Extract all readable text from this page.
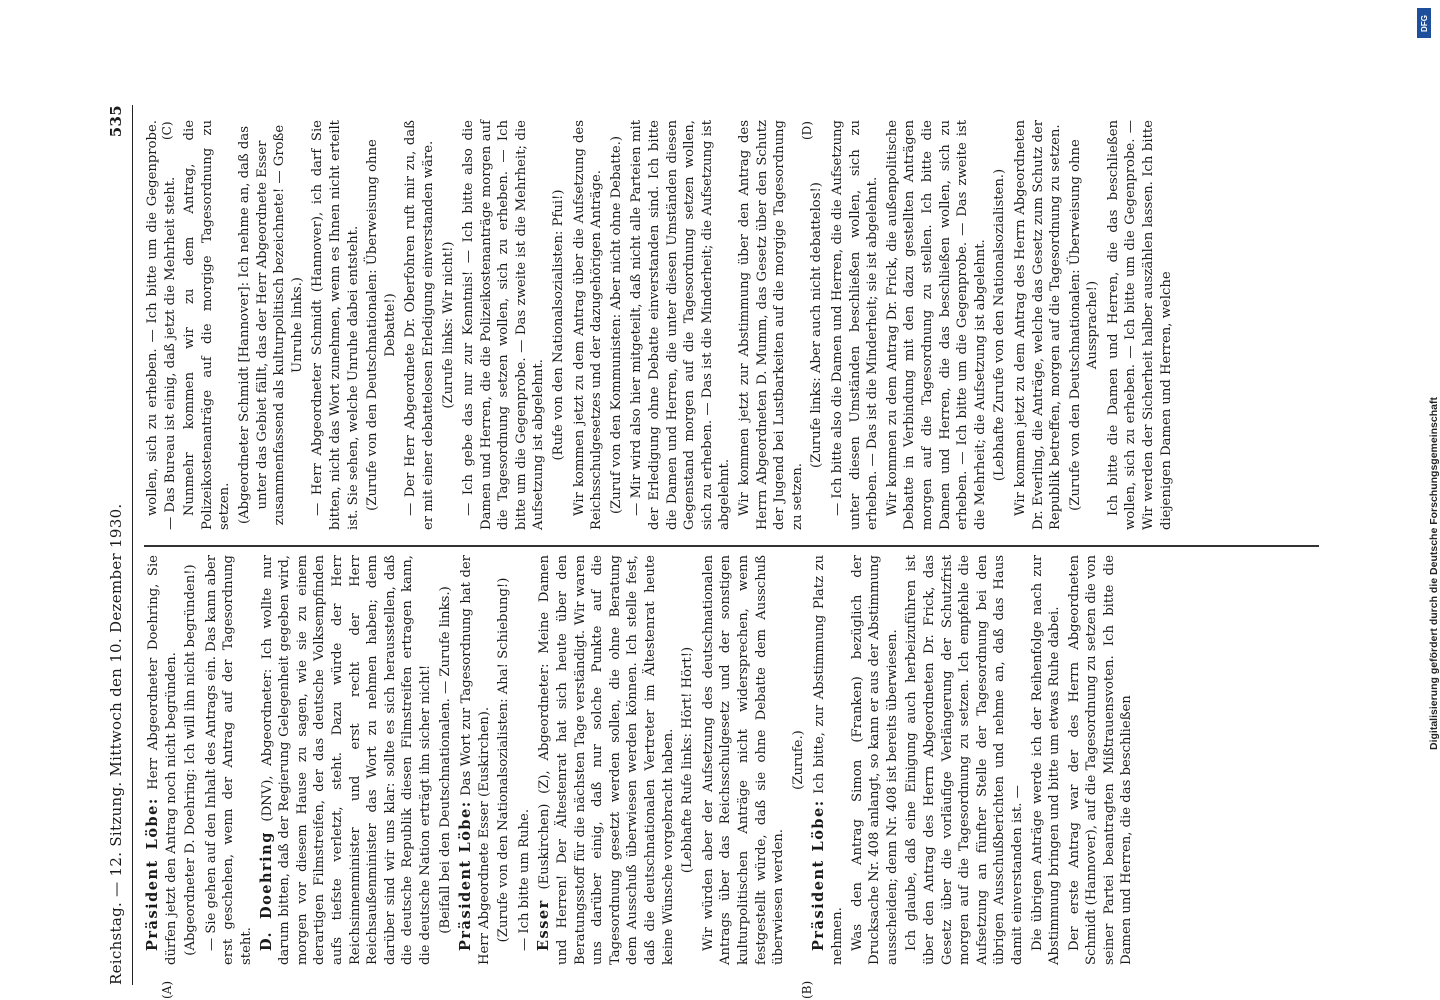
Reichstag. — 12. Sitzung. Mittwoch den 10. Dezember 1930.
535

Präsident Löbe: Herr Abgeordneter Doehring, Sie dürfen jetzt den Antrag noch nicht begründen. (Abgeordneter D. Doehring: Ich will ihn nicht begründen!) — Sie gehen auf den Inhalt des Antrags ein. Das kann aber erst geschehen, wenn der Antrag auf der Tagesordnung steht. D. Doehring (DNV), Abgeordneter: Ich wollte nur darum bitten, daß der Regierung Gelegenheit gegeben wird, morgen vor diesem Hause zu sagen, wie sie zu einem derartigen Filmstreifen, der das deutsche Volksempfinden aufs tiefste verletzt, steht. Dazu würde der Herr Reichsinnenminister und erst recht der Herr Reichsaußenminister das Wort zu nehmen haben; denn darüber sind wir uns klar: sollte es sich herausstellen, daß die deutsche Republik diesen Filmstreifen ertragen kann, die deutsche Nation erträgt ihn sicher nicht! (Beifall bei den Deutschnationalen. — Zurufe links.) Präsident Löbe: Das Wort zur Tagesordnung hat der Herr Abgeordnete Esser (Euskirchen). (Zurufe von den Nationalsozialisten: Aha! Schiebung!) — Ich bitte um Ruhe. Esser (Euskirchen) (Z), Abgeordneter: Meine Damen und Herren! Der Ältestenrat hat sich heute über den Beratungsstoff für die nächsten Tage verständigt. Wir waren uns darüber einig, daß nur solche Punkte auf die Tagesordnung gesetzt werden sollen, die ohne Beratung dem Ausschuß überwiesen werden können. Ich stelle fest, daß die deutschnationalen Vertreter im Ältestenrat heute keine Wünsche vorgebracht haben. (Lebhafte Rufe links: Hört! Hört!) Wir würden aber der Aufsetzung des deutschnationalen Antrags über das Reichsschulgesetz und der sonstigen kulturpolitischen Anträge nicht widersprechen, wenn festgestellt würde, daß sie ohne Debatte dem Ausschuß überwiesen werden.

(Zurufe.)

Präsident Löbe: Ich bitte, zur Abstimmung Platz zu nehmen. Was den Antrag Simon (Franken) bezüglich der Drucksache Nr. 408 anlangt, so kann er aus der Abstimmung ausscheiden; denn Nr. 408 ist bereits überwiesen. Ich glaube, daß eine Einigung auch herbeizuführen ist über den Antrag des Herrn Abgeordneten Dr. Frick, das Gesetz über die vorläufige Verlängerung der Schutzfrist morgen auf die Tagesordnung zu setzen. Ich empfehle die Aufsetzung an fünfter Stelle der Tagesordnung bei den übrigen Ausschußberichten und nehme an, daß das Haus damit einverstanden ist. — Die übrigen Anträge werde ich der Reihenfolge nach zur Abstimmung bringen und bitte um etwas Ruhe dabei. Der erste Antrag war der des Herrn Abgeordneten Schmidt (Hannover), auf die Tagesordnung zu setzen die von seiner Partei beantragten Mißtrauensvoten. Ich bitte die Damen und Herren, die das beschließen

wollen, sich zu erheben. — Ich bitte um die Gegenprobe. — Das Bureau ist einig, daß jetzt die Mehrheit steht. Nunmehr kommen wir zu dem Antrag, die Polizeikostenanträge auf die morgige Tagesordnung zu setzen. (Abgeordneter Schmidt [Hannover]: Ich nehme an, daß das unter das Gebiet fällt, das der Herr Abgeordnete Esser zusammenfassend als kulturpolitisch bezeichnete! — Große Unruhe links.) — Herr Abgeordneter Schmidt (Hannover), ich darf Sie bitten, nicht das Wort zunehmen, wenn es Ihnen nicht erteilt ist. Sie sehen, welche Unruhe dabei entsteht. (Zurufe von den Deutschnationalen: Überweisung ohne Debatte!) — Der Herr Abgeordnete Dr. Oberfohren ruft mir zu, daß er mit einer debattelosen Erledigung einverstanden wäre. (Zurufe links: Wir nicht!) — Ich gebe das nur zur Kenntnis! — Ich bitte also die Damen und Herren, die die Polizeikostenanträge morgen auf die Tagesordnung setzen wollen, sich zu erheben. — Ich bitte um die Gegenprobe. — Das zweite ist die Mehrheit; die Aufsetzung ist abgelehnt. (Rufe von den Nationalsozialisten: Pfui!) Wir kommen jetzt zu dem Antrag über die Aufsetzung des Reichsschulgesetzes und der dazugehörigen Anträge. (Zuruf von den Kommunisten: Aber nicht ohne Debatte.) — Mir wird also hier mitgeteilt, daß nicht alle Parteien mit der Erledigung ohne Debatte einverstanden sind. Ich bitte die Damen und Herren, die unter diesen Umständen diesen Gegenstand morgen auf die Tagesordnung setzen wollen, sich zu erheben. — Das ist die Minderheit; die Aufsetzung ist abgelehnt. Wir kommen jetzt zur Abstimmung über den Antrag des Herrn Abgeordneten D. Mumm, das Gesetz über den Schutz der Jugend bei Lustbarkeiten auf die morgige Tagesordnung zu setzen.

(Zurufe links: Aber auch nicht debattelos!) — Ich bitte also die Damen und Herren, die die Aufsetzung unter diesen Umständen beschließen wollen, sich zu erheben. — Das ist die Minderheit; sie ist abgelehnt. Wir kommen zu dem Antrag Dr. Frick, die außenpolitische Debatte in Verbindung mit den dazu gestellten Anträgen morgen auf die Tagesordnung zu stellen. Ich bitte die Damen und Herren, die das beschließen wollen, sich zu erheben. — Ich bitte um die Gegenprobe. — Das zweite ist die Mehrheit; die Aufsetzung ist abgelehnt. (Lebhafte Zurufe von den Nationalsozialisten.) Wir kommen jetzt zu dem Antrag des Herrn Abgeordneten Dr. Everling, die Anträge, welche das Gesetz zum Schutz der Republik betreffen, morgen auf die Tagesordnung zu setzen. (Zurufe von den Deutschnationalen: Überweisung ohne Aussprache!) Ich bitte die Damen und Herren, die das beschließen wollen, sich zu erheben. — Ich bitte um die Gegenprobe. — Wir werden der Sicherheit halber auszählen lassen. Ich bitte diejenigen Damen und Herren, welche

(A)	(B)
(C)	(D)
DFG
Digitalisierung gefördert durch die Deutsche Forschungsgemeinschaft
